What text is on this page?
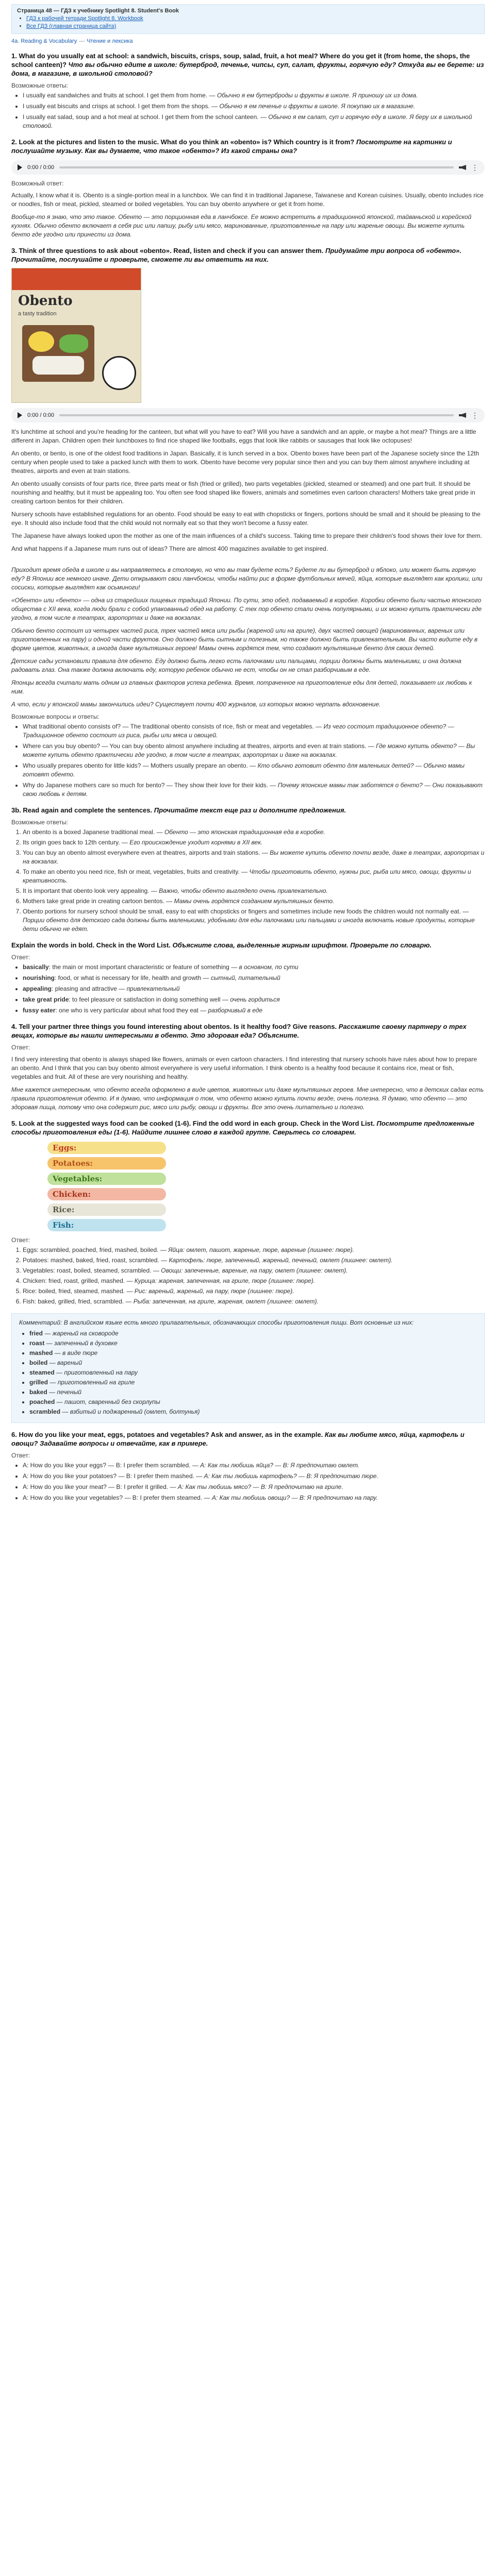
Страница 48 — ГДЗ к учебнику Spotlight 8. Student's Book
• ГДЗ к рабочей тетради Spotlight 8. Workbook
• Все ГДЗ (главная страница сайта)
4a. Reading & Vocabulary — Чтение и лексика
1. What do you usually eat at school: a sandwich, biscuits, crisps, soup, salad, fruit, a hot meal? Where do you get it (from home, the shops, the school canteen)? Что вы обычно едите в школе: бутерброд, печенье, чипсы, суп, салат, фрукты, горячую еду? Откуда вы ее берете: из дома, в магазине, в школьной столовой?
Возможные ответы:
• I usually eat sandwiches and fruits at school. I get them from home. — Обычно я ем бутерброды и фрукты в школе. Я приношу их из дома.
• I usually eat biscuits and crisps at school. I get them from the shops. — Обычно я ем печенье и фрукты в школе. Я покупаю их в магазине.
• I usually eat salad, soup and a hot meal at school. I get them from the school canteen. — Обычно я ем салат, суп и горячую еду в школе. Я беру их в школьной столовой.
2. Look at the pictures and listen to the music. What do you think an «obento» is? Which country is it from? Посмотрите на картинки и послушайте музыку. Как вы думаете, что такое «обенто»? Из какой страны она?
0:00 / 0:00	⋮
Возможный ответ:

Actually, I know what it is. Obento is a single-portion meal in a lunchbox. We can find it in traditional Japanese, Taiwanese and Korean cuisines. Usually, obento includes rice or noodles, fish or meat, pickled, steamed or boiled vegetables. You can buy obento anywhere or get it from home.

Вообще-то я знаю, что это такое. Обенто — это порционная еда в ланчбоксе. Ее можно встретить в традиционной японской, тайваньской и корейской кухнях. Обычно обенто включает в себя рис или лапшу, рыбу или мясо, маринованные, приготовленные на пару или жареные овощи. Вы можете купить бенто где угодно или принести из дома.

3. Think of three questions to ask about «obento». Read, listen and check if you can answer them. Придумайте три вопроса об «обенто». Прочитайте, послушайте и проверьте, сможете ли вы ответить на них.
Obento
a tasty tradition
0:00 / 0:00	⋮

It's lunchtime at school and you're heading for the canteen, but what will you have to eat? Will you have a sandwich and an apple, or maybe a hot meal? Things are a little different in Japan. Children open their lunchboxes to find rice shaped like footballs, eggs that look like rabbits or sausages that look like octopuses!

An obento, or bento, is one of the oldest food traditions in Japan. Basically, it is lunch served in a box. Obento boxes have been part of the Japanese society since the 12th century when people used to take a packed lunch with them to work. Obento have become very popular since then and you can buy them almost anywhere including at theatres, airports and even at train stations.

An obento usually consists of four parts rice, three parts meat or fish (fried or grilled), two parts vegetables (pickled, steamed or steamed) and one part fruit. It should be nourishing and healthy, but it must be appealing too. You often see food shaped like flowers, animals and sometimes even cartoon characters! Mothers take great pride in creating cartoon bentos for their children.

Nursery schools have established regulations for an obento. Food should be easy to eat with chopsticks or fingers, portions should be small and it should be pleasing to the eye. It should also include food that the child would not normally eat so that they won't become a fussy eater.

The Japanese have always looked upon the mother as one of the main influences of a child's success. Taking time to prepare their children's food shows their love for them.

And what happens if a Japanese mum runs out of ideas? There are almost 400 magazines available to get inspired.

Приходит время обеда в школе и вы направляетесь в столовую, но что вы там будете есть? Будете ли вы бутерброд и яблоко, или может быть горячую еду? В Японии все немного иначе. Дети открывают свои ланчбоксы, чтобы найти рис в форме футбольных мячей, яйца, которые выглядят как кролики, или сосиски, которые выглядят как осьминоги!

«Обенто» или «бенто» — одна из старейших пищевых традиций Японии. По сути, это обед, подаваемый в коробке. Коробки обенто были частью японского общества с XII века, когда люди брали с собой упакованный обед на работу. С тех пор обенто стали очень популярными, и их можно купить практически где угодно, в том числе в театрах, аэропортах и даже на вокзалах.

Обычно бенто состоит из четырех частей риса, трех частей мяса или рыбы (жареной или на гриле), двух частей овощей (маринованных, вареных или приготовленных на пару) и одной части фруктов. Оно должно быть сытным и полезным, но также должно быть привлекательным. Вы часто видите еду в форме цветов, животных, а иногда даже мультяшных героев! Мамы очень гордятся тем, что создают мультяшные бенто для своих детей.

Детские сады установили правила для обенто. Еду должно быть легко есть палочками или пальцами, порции должны быть маленькими, и она должна радовать глаз. Она также должна включать еду, которую ребенок обычно не ест, чтобы он не стал разборчивым в еде.

Японцы всегда считали мать одним из главных факторов успеха ребенка. Время, потраченное на приготовление еды для детей, показывает их любовь к ним.

А что, если у японской мамы закончились идеи? Существует почти 400 журналов, из которых можно черпать вдохновение.

Возможные вопросы и ответы:
• What traditional obento consists of? — The traditional obento consists of rice, fish or meat and vegetables. — Из чего состоит традиционное обенто? — Традиционное обенто состоит из риса, рыбы или мяса и овощей.
• Where can you buy obento? — You can buy obento almost anywhere including at theatres, airports and even at train stations. — Где можно купить обенто? — Вы можете купить обенто практически где угодно, в том числе в театрах, аэропортах и даже на вокзалах.
• Who usually prepares obento for little kids? — Mothers usually prepare an obento. — Кто обычно готовит обенто для маленьких детей? — Обычно мамы готовят обенто.
• Why do Japanese mothers care so much for bento? — They show their love for their kids. — Почему японские мамы так заботятся о бенто? — Они показывают свою любовь к детям.
3b. Read again and complete the sentences. Прочитайте текст еще раз и дополните предложения.
Возможные ответы:
1. An obento is a boxed Japanese traditional meal. — Обенто — это японская традиционная еда в коробке.
2. Its origin goes back to 12th century. — Его происхождение уходит корнями в XII век.
3. You can buy an obento almost everywhere even at theatres, airports and train stations. — Вы можете купить обенто почти везде, даже в театрах, аэропортах и на вокзалах.
4. To make an obento you need rice, fish or meat, vegetables, fruits and creativity. — Чтобы приготовить обенто, нужны рис, рыба или мясо, овощи, фрукты и креативность.
5. It is important that obento look very appealing. — Важно, чтобы обенто выглядело очень привлекательно.
6. Mothers take great pride in creating cartoon bentos. — Мамы очень гордятся созданием мультяшных бенто.
7. Obento portions for nursery school should be small, easy to eat with chopsticks or fingers and sometimes include new foods the children would not normally eat. — Порции обенто для детского сада должны быть маленькими, удобными для еды палочками или пальцами и иногда включать новые продукты, которые дети обычно не едят.
Explain the words in bold. Check in the Word List. Объясните слова, выделенные жирным шрифтом. Проверьте по словарю.
Ответ:
• basically: the main or most important characteristic or feature of something — в основном, по сути
• nourishing: food, or what is necessary for life, health and growth — сытный, питательный
• appealing: pleasing and attractive — привлекательный
• take great pride: to feel pleasure or satisfaction in doing something well — очень гордиться
• fussy eater: one who is very particular about what food they eat — разборчивый в еде
4. Tell your partner three things you found interesting about obentos. Is it healthy food? Give reasons. Расскажите своему партнеру о трех вещах, которые вы нашли интересными в обенто. Это здоровая еда? Объясните.
Ответ:

I find very interesting that obento is always shaped like flowers, animals or even cartoon characters. I find interesting that nursery schools have rules about how to prepare an obento. And I think that you can buy obento almost everywhere is very useful information. I think obento is a healthy food because it contains rice, meat or fish, vegetables and fruit. All of these are very nourishing and healthy.

Мне кажется интересным, что обенто всегда оформлено в виде цветов, животных или даже мультяшных героев. Мне интересно, что в детских садах есть правила приготовления обенто. И я думаю, что информация о том, что обенто можно купить почти везде, очень полезна. Я думаю, что обенто — это здоровая пища, потому что она содержит рис, мясо или рыбу, овощи и фрукты. Все это очень питательно и полезно.

5. Look at the suggested ways food can be cooked (1-6). Find the odd word in each group. Check in the Word List. Посмотрите предложенные способы приготовления еды (1-6). Найдите лишнее слово в каждой группе. Сверьтесь со словарем.
Eggs:
Potatoes:
Vegetables:
Chicken:
Rice:
Fish:
Ответ:
1. Eggs: scrambled, poached, fried, mashed, boiled. — Яйца: омлет, пашот, жареные, пюре, вареные (лишнее: пюре).
2. Potatoes: mashed, baked, fried, roast, scrambled. — Картофель: пюре, запеченный, жареный, печеный, омлет (лишнее: омлет).
3. Vegetables: roast, boiled, steamed, scrambled. — Овощи: запеченные, вареные, на пару, омлет (лишнее: омлет).
4. Chicken: fried, roast, grilled, mashed. — Курица: жареная, запеченная, на гриле, пюре (лишнее: пюре).
5. Rice: boiled, fried, steamed, mashed. — Рис: вареный, жареный, на пару, пюре (лишнее: пюре).
6. Fish: baked, grilled, fried, scrambled. — Рыба: запеченная, на гриле, жареная, омлет (лишнее: омлет).
Комментарий: В английском языке есть много прилагательных, обозначающих способы приготовления пищи. Вот основные из них:
• fried — жареный на сковороде
• roast — запеченный в духовке
• mashed — в виде пюре
• boiled — вареный
• steamed — приготовленный на пару
• grilled — приготовленный на гриле
• baked — печеный
• poached — пашот, сваренный без скорлупы
• scrambled — взбитый и поджаренный (омлет, болтунья)
6. How do you like your meat, eggs, potatoes and vegetables? Ask and answer, as in the example. Как вы любите мясо, яйца, картофель и овощи? Задавайте вопросы и отвечайте, как в примере.
Ответ:
• A: How do you like your eggs? — B: I prefer them scrambled. — A: Как ты любишь яйца? — B: Я предпочитаю омлет.
• A: How do you like your potatoes? — B: I prefer them mashed. — A: Как ты любишь картофель? — B: Я предпочитаю пюре.
• A: How do you like your meat? — B: I prefer it grilled. — A: Как ты любишь мясо? — B: Я предпочитаю на гриле.
• A: How do you like your vegetables? — B: I prefer them steamed. — A: Как ты любишь овощи? — B: Я предпочитаю на пару.
